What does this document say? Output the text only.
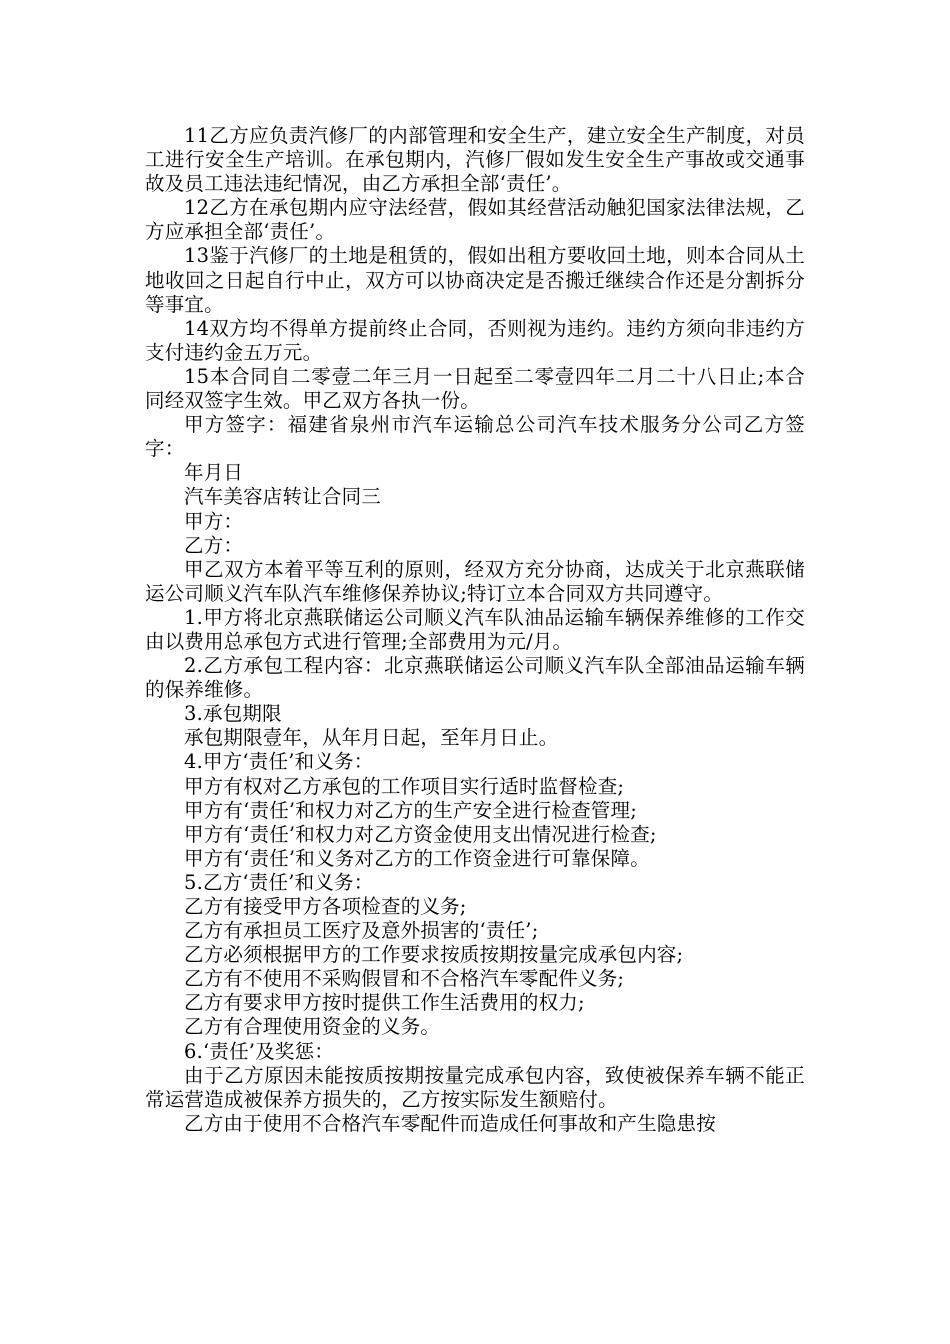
11乙方应负责汽修厂的内部管理和安全生产，建立安全生产制度，对员工进行安全生产培训。在承包期内，汽修厂假如发生安全生产事故或交通事故及员工违法违纪情况，由乙方承担全部‘责任’。

12乙方在承包期内应守法经营，假如其经营活动触犯国家法律法规，乙方应承担全部‘责任’。

13鉴于汽修厂的土地是租赁的，假如出租方要收回土地，则本合同从土地收回之日起自行中止，双方可以协商决定是否搬迁继续合作还是分割拆分等事宜。

14双方均不得单方提前终止合同，否则视为违约。违约方须向非违约方支付违约金五万元。

15本合同自二零壹二年三月一日起至二零壹四年二月二十八日止;本合同经双签字生效。甲乙双方各执一份。

甲方签字：福建省泉州市汽车运输总公司汽车技术服务分公司乙方签字：

年月日

汽车美容店转让合同三

甲方：

乙方：

甲乙双方本着平等互利的原则，经双方充分协商，达成关于北京燕联储运公司顺义汽车队汽车维修保养协议;特订立本合同双方共同遵守。

1.甲方将北京燕联储运公司顺义汽车队油品运输车辆保养维修的工作交由以费用总承包方式进行管理;全部费用为元/月。

2.乙方承包工程内容：北京燕联储运公司顺义汽车队全部油品运输车辆的保养维修。

3.承包期限

承包期限壹年，从年月日起，至年月日止。

4.甲方‘责任’和义务：

甲方有权对乙方承包的工作项目实行适时监督检查;

甲方有‘责任’和权力对乙方的生产安全进行检查管理;

甲方有‘责任’和权力对乙方资金使用支出情况进行检查;

甲方有‘责任’和义务对乙方的工作资金进行可靠保障。

5.乙方‘责任’和义务：

乙方有接受甲方各项检查的义务;

乙方有承担员工医疗及意外损害的‘责任’;

乙方必须根据甲方的工作要求按质按期按量完成承包内容;

乙方有不使用不采购假冒和不合格汽车零配件义务;

乙方有要求甲方按时提供工作生活费用的权力;

乙方有合理使用资金的义务。

6.‘责任’及奖惩：

由于乙方原因未能按质按期按量完成承包内容，致使被保养车辆不能正常运营造成被保养方损失的，乙方按实际发生额赔付。

乙方由于使用不合格汽车零配件而造成任何事故和产生隐患按
